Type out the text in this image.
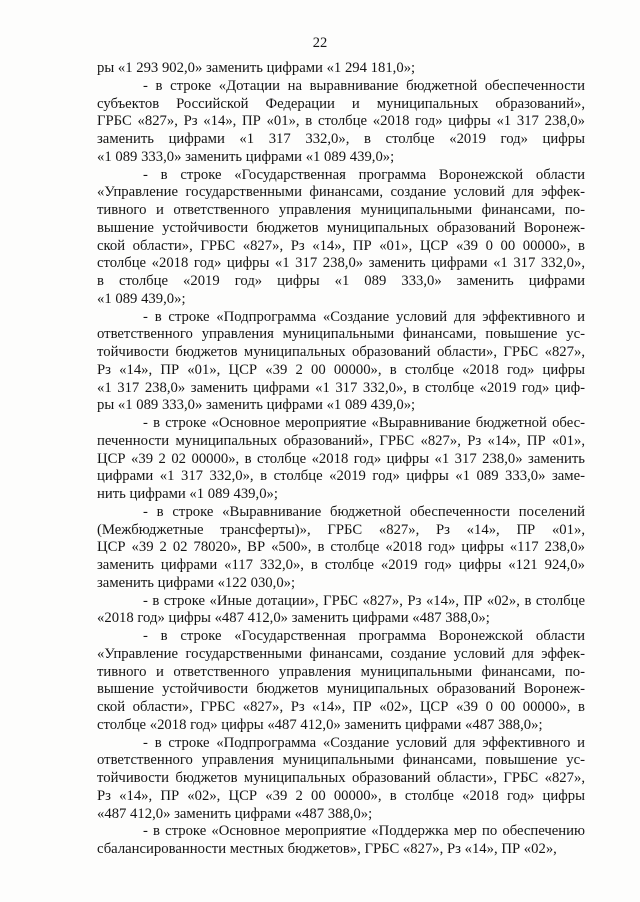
22

ры «1 293 902,0» заменить цифрами «1 294 181,0»;

- в строке «Дотации на выравнивание бюджетной обеспеченности
субъектов Российской Федерации и муниципальных образований»,
ГРБС «827», Рз «14», ПР «01», в столбце «2018 год» цифры «1 317 238,0»
заменить цифрами «1 317 332,0», в столбце «2019 год» цифры
«1 089 333,0» заменить цифрами «1 089 439,0»;

- в строке «Государственная программа Воронежской области
«Управление государственными финансами, создание условий для эффек-
тивного и ответственного управления муниципальными финансами, по-
вышение устойчивости бюджетов муниципальных образований Воронеж-
ской области», ГРБС «827», Рз «14», ПР «01», ЦСР «39 0 00 00000», в
столбце «2018 год» цифры «1 317 238,0» заменить цифрами «1 317 332,0»,
в столбце «2019 год» цифры «1 089 333,0» заменить цифрами
«1 089 439,0»;

- в строке «Подпрограмма «Создание условий для эффективного и
ответственного управления муниципальными финансами, повышение ус-
тойчивости бюджетов муниципальных образований области», ГРБС «827»,
Рз «14», ПР «01», ЦСР «39 2 00 00000», в столбце «2018 год» цифры
«1 317 238,0» заменить цифрами «1 317 332,0», в столбце «2019 год» циф-
ры «1 089 333,0» заменить цифрами «1 089 439,0»;

- в строке «Основное мероприятие «Выравнивание бюджетной обес-
печенности муниципальных образований», ГРБС «827», Рз «14», ПР «01»,
ЦСР «39 2 02 00000», в столбце «2018 год» цифры «1 317 238,0» заменить
цифрами «1 317 332,0», в столбце «2019 год» цифры «1 089 333,0» заме-
нить цифрами «1 089 439,0»;

- в строке «Выравнивание бюджетной обеспеченности поселений
(Межбюджетные трансферты)», ГРБС «827», Рз «14», ПР «01»,
ЦСР «39 2 02 78020», ВР «500», в столбце «2018 год» цифры «117 238,0»
заменить цифрами «117 332,0», в столбце «2019 год» цифры «121 924,0»
заменить цифрами «122 030,0»;

- в строке «Иные дотации», ГРБС «827», Рз «14», ПР «02», в столбце
«2018 год» цифры «487 412,0» заменить цифрами «487 388,0»;

- в строке «Государственная программа Воронежской области
«Управление государственными финансами, создание условий для эффек-
тивного и ответственного управления муниципальными финансами, по-
вышение устойчивости бюджетов муниципальных образований Воронеж-
ской области», ГРБС «827», Рз «14», ПР «02», ЦСР «39 0 00 00000», в
столбце «2018 год» цифры «487 412,0» заменить цифрами «487 388,0»;

- в строке «Подпрограмма «Создание условий для эффективного и
ответственного управления муниципальными финансами, повышение ус-
тойчивости бюджетов муниципальных образований области», ГРБС «827»,
Рз «14», ПР «02», ЦСР «39 2 00 00000», в столбце «2018 год» цифры
«487 412,0» заменить цифрами «487 388,0»;

- в строке «Основное мероприятие «Поддержка мер по обеспечению
сбалансированности местных бюджетов», ГРБС «827», Рз «14», ПР «02»,
